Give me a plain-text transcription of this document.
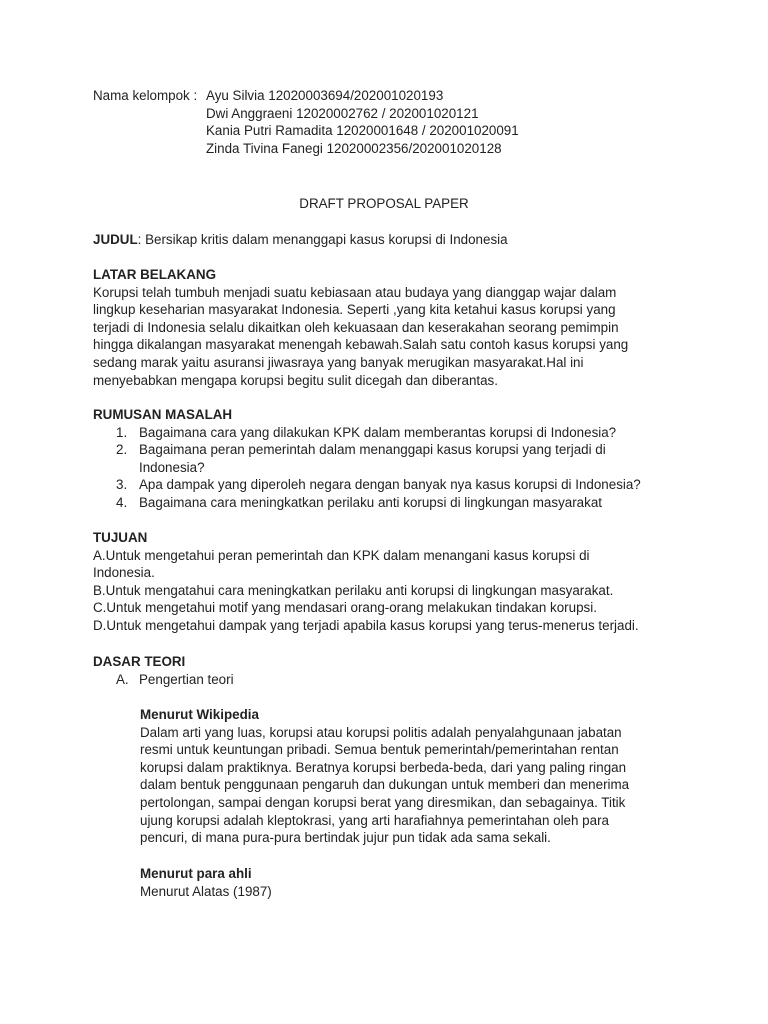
Nama kelompok : Ayu Silvia 12020003694/202001020193
Dwi Anggraeni 12020002762 / 202001020121
Kania Putri Ramadita 12020001648 / 202001020091
Zinda Tivina Fanegi 12020002356/202001020128
DRAFT PROPOSAL PAPER
JUDUL: Bersikap kritis dalam menanggapi kasus korupsi di Indonesia
LATAR BELAKANG
Korupsi telah tumbuh menjadi suatu kebiasaan atau budaya yang dianggap wajar dalam
lingkup keseharian masyarakat Indonesia. Seperti ,yang kita ketahui kasus korupsi yang
terjadi di Indonesia selalu dikaitkan oleh kekuasaan dan keserakahan seorang pemimpin
hingga dikalangan masyarakat menengah kebawah.Salah satu contoh kasus korupsi yang
sedang marak yaitu asuransi jiwasraya yang banyak merugikan masyarakat.Hal ini
menyebabkan mengapa korupsi begitu sulit dicegah dan diberantas.
RUMUSAN MASALAH
1. Bagaimana cara yang dilakukan KPK dalam memberantas korupsi di Indonesia?
2. Bagaimana peran pemerintah dalam menanggapi kasus korupsi yang terjadi di
Indonesia?
3. Apa dampak yang diperoleh negara dengan banyak nya kasus korupsi di Indonesia?
4. Bagaimana cara meningkatkan perilaku anti korupsi di lingkungan masyarakat
TUJUAN
A.Untuk mengetahui peran pemerintah dan KPK dalam menangani kasus korupsi di
Indonesia.
B.Untuk mengatahui cara meningkatkan perilaku anti korupsi di lingkungan masyarakat.
C.Untuk mengetahui motif yang mendasari orang-orang melakukan tindakan korupsi.
D.Untuk mengetahui dampak yang terjadi apabila kasus korupsi yang terus-menerus terjadi.
DASAR TEORI
A. Pengertian teori
Menurut Wikipedia
Dalam arti yang luas, korupsi atau korupsi politis adalah penyalahgunaan jabatan
resmi untuk keuntungan pribadi. Semua bentuk pemerintah/pemerintahan rentan
korupsi dalam praktiknya. Beratnya korupsi berbeda-beda, dari yang paling ringan
dalam bentuk penggunaan pengaruh dan dukungan untuk memberi dan menerima
pertolongan, sampai dengan korupsi berat yang diresmikan, dan sebagainya. Titik
ujung korupsi adalah kleptokrasi, yang arti harafiahnya pemerintahan oleh para
pencuri, di mana pura-pura bertindak jujur pun tidak ada sama sekali.
Menurut para ahli
Menurut Alatas (1987)
